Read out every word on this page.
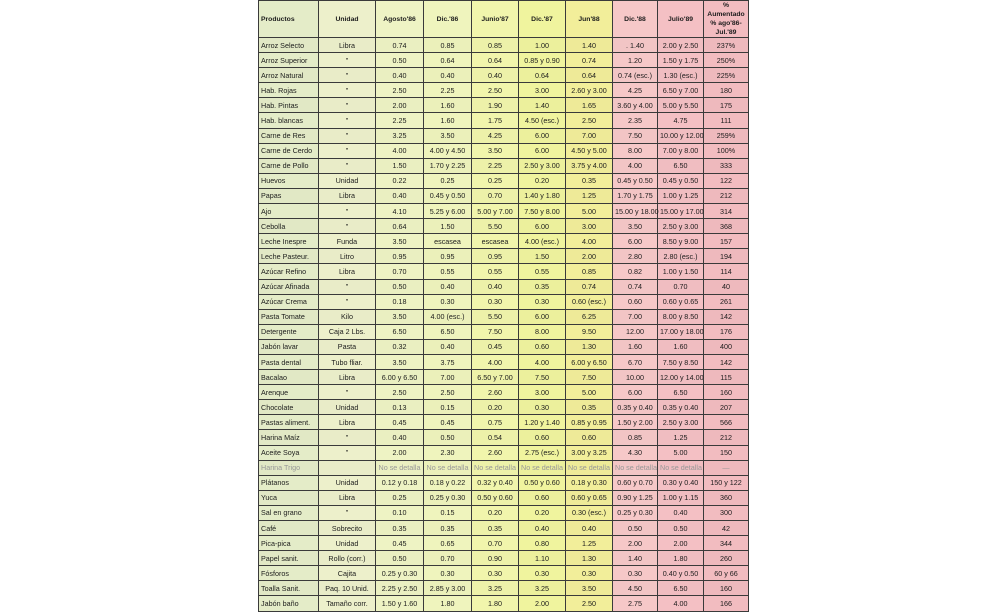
Productos	Unidad	Agosto'86	Dic.'86	Junio'87	Dic.'87	Jun'88	Dic.'88	Julio'89	% Aumentado % ago'86-Jul.'89
Arroz Selecto	Libra	0.74	0.85	0.85	1.00	1.40	. 1.40	2.00 y 2.50	237%
Arroz Superior	"	0.50	0.64	0.64	0.85 y 0.90	0.74	1.20	1.50 y 1.75	250%
Arroz Natural	"	0.40	0.40	0.40	0.64	0.64	0.74 (esc.)	1.30 (esc.)	225%
Hab. Rojas	"	2.50	2.25	2.50	3.00	2.60 y 3.00	4.25	6.50 y 7.00	180
Hab. Pintas	"	2.00	1.60	1.90	1.40	1.65	3.60 y 4.00	5.00 y 5.50	175
Hab. blancas	"	2.25	1.60	1.75	4.50 (esc.)	2.50	2.35	4.75	111
Carne de Res	"	3.25	3.50	4.25	6.00	7.00	7.50	10.00 y 12.00	259%
Carne de Cerdo	"	4.00	4.00 y 4.50	3.50	6.00	4.50 y 5.00	8.00	7.00 y 8.00	100%
Carne de Pollo	"	1.50	1.70 y 2.25	2.25	2.50 y 3.00	3.75 y 4.00	4.00	6.50	333
Huevos	Unidad	0.22	0.25	0.25	0.20	0.35	0.45 y 0.50	0.45 y 0.50	122
Papas	Libra	0.40	0.45 y 0.50	0.70	1.40 y 1.80	1.25	1.70 y 1.75	1.00 y 1.25	212
Ajo	"	4.10	5.25 y 6.00	5.00 y 7.00	7.50 y 8.00	5.00	15.00 y 18.00	15.00 y 17.00	314
Cebolla	"	0.64	1.50	5.50	6.00	3.00	3.50	2.50 y 3.00	368
Leche Inespre	Funda	3.50	escasea	escasea	4.00 (esc.)	4.00	6.00	8.50 y 9.00	157
Leche Pasteur.	Litro	0.95	0.95	0.95	1.50	2.00	2.80	2.80 (esc.)	194
Azúcar Refino	Libra	0.70	0.55	0.55	0.55	0.85	0.82	1.00 y 1.50	114
Azúcar Afinada	"	0.50	0.40	0.40	0.35	0.74	0.74	0.70	40
Azúcar Crema	"	0.18	0.30	0.30	0.30	0.60 (esc.)	0.60	0.60 y 0.65	261
Pasta Tomate	Kilo	3.50	4.00 (esc.)	5.50	6.00	6.25	7.00	8.00 y 8.50	142
Detergente	Caja 2 Lbs.	6.50	6.50	7.50	8.00	9.50	12.00	17.00 y 18.00	176
Jabón lavar	Pasta	0.32	0.40	0.45	0.60	1.30	1.60	1.60	400
Pasta dental	Tubo fliar.	3.50	3.75	4.00	4.00	6.00 y 6.50	6.70	7.50 y 8.50	142
Bacalao	Libra	6.00 y 6.50	7.00	6.50 y 7.00	7.50	7.50	10.00	12.00 y 14.00	115
Arenque	"	2.50	2.50	2.60	3.00	5.00	6.00	6.50	160
Chocolate	Unidad	0.13	0.15	0.20	0.30	0.35	0.35 y 0.40	0.35 y 0.40	207
Pastas aliment.	Libra	0.45	0.45	0.75	1.20 y 1.40	0.85 y 0.95	1.50 y 2.00	2.50 y 3.00	566
Harina Maíz	"	0.40	0.50	0.54	0.60	0.60	0.85	1.25	212
Aceite Soya	"	2.00	2.30	2.60	2.75 (esc.)	3.00 y 3.25	4.30	5.00	150
Harina Trigo		No se detalla	No se detalla	No se detalla	No se detalla	No se detalla	No se detalla	No se detalla	—
Plátanos	Unidad	0.12 y 0.18	0.18 y 0.22	0.32 y 0.40	0.50 y 0.60	0.18 y 0.30	0.60 y 0.70	0.30 y 0.40	150 y 122
Yuca	Libra	0.25	0.25 y 0.30	0.50 y 0.60	0.60	0.60 y 0.65	0.90 y 1.25	1.00 y 1.15	360
Sal en grano	"	0.10	0.15	0.20	0.20	0.30 (esc.)	0.25 y 0.30	0.40	300
Café	Sobrecito	0.35	0.35	0.35	0.40	0.40	0.50	0.50	42
Pica-pica	Unidad	0.45	0.65	0.70	0.80	1.25	2.00	2.00	344
Papel sanit.	Rollo (corr.)	0.50	0.70	0.90	1.10	1.30	1.40	1.80	260
Fósforos	Cajita	0.25 y 0.30	0.30	0.30	0.30	0.30	0.30	0.40 y 0.50	60 y 66
Toalla Sanit.	Paq. 10 Unid.	2.25 y 2.50	2.85 y 3.00	3.25	3.25	3.50	4.50	6.50	160
Jabón baño	Tamaño corr.	1.50 y 1.60	1.80	1.80	2.00	2.50	2.75	4.00	166
